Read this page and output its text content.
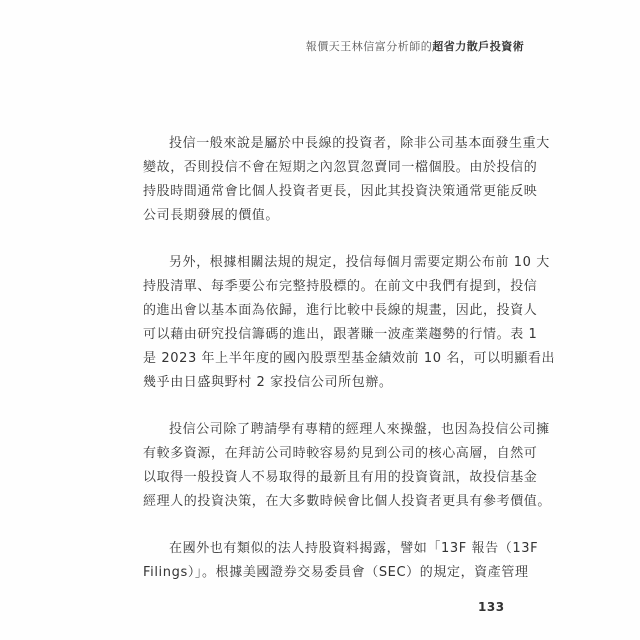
報價天王林信富分析師的 超省力散戶投資術
投信一般來說是屬於中長線的投資者，除非公司基本面發生重大
變故，否則投信不會在短期之內忽買忽賣同一檔個股。由於投信的
持股時間通常會比個人投資者更長，因此其投資決策通常更能反映
公司長期發展的價值。
另外，根據相關法規的規定，投信每個月需要定期公布前 10 大
持股清單、每季要公布完整持股標的。在前文中我們有提到，投信
的進出會以基本面為依歸，進行比較中長線的規畫，因此，投資人
可以藉由研究投信籌碼的進出，跟著賺一波產業趨勢的行情。表 1
是 2023 年上半年度的國內股票型基金績效前 10 名，可以明顯看出
幾乎由日盛與野村 2 家投信公司所包辦。
投信公司除了聘請學有專精的經理人來操盤，也因為投信公司擁
有較多資源，在拜訪公司時較容易約見到公司的核心高層，自然可
以取得一般投資人不易取得的最新且有用的投資資訊，故投信基金
經理人的投資決策，在大多數時候會比個人投資者更具有參考價值。
在國外也有類似的法人持股資料揭露，譬如「13F 報告（13F
Filings）」。根據美國證券交易委員會（SEC）的規定，資產管理
133
